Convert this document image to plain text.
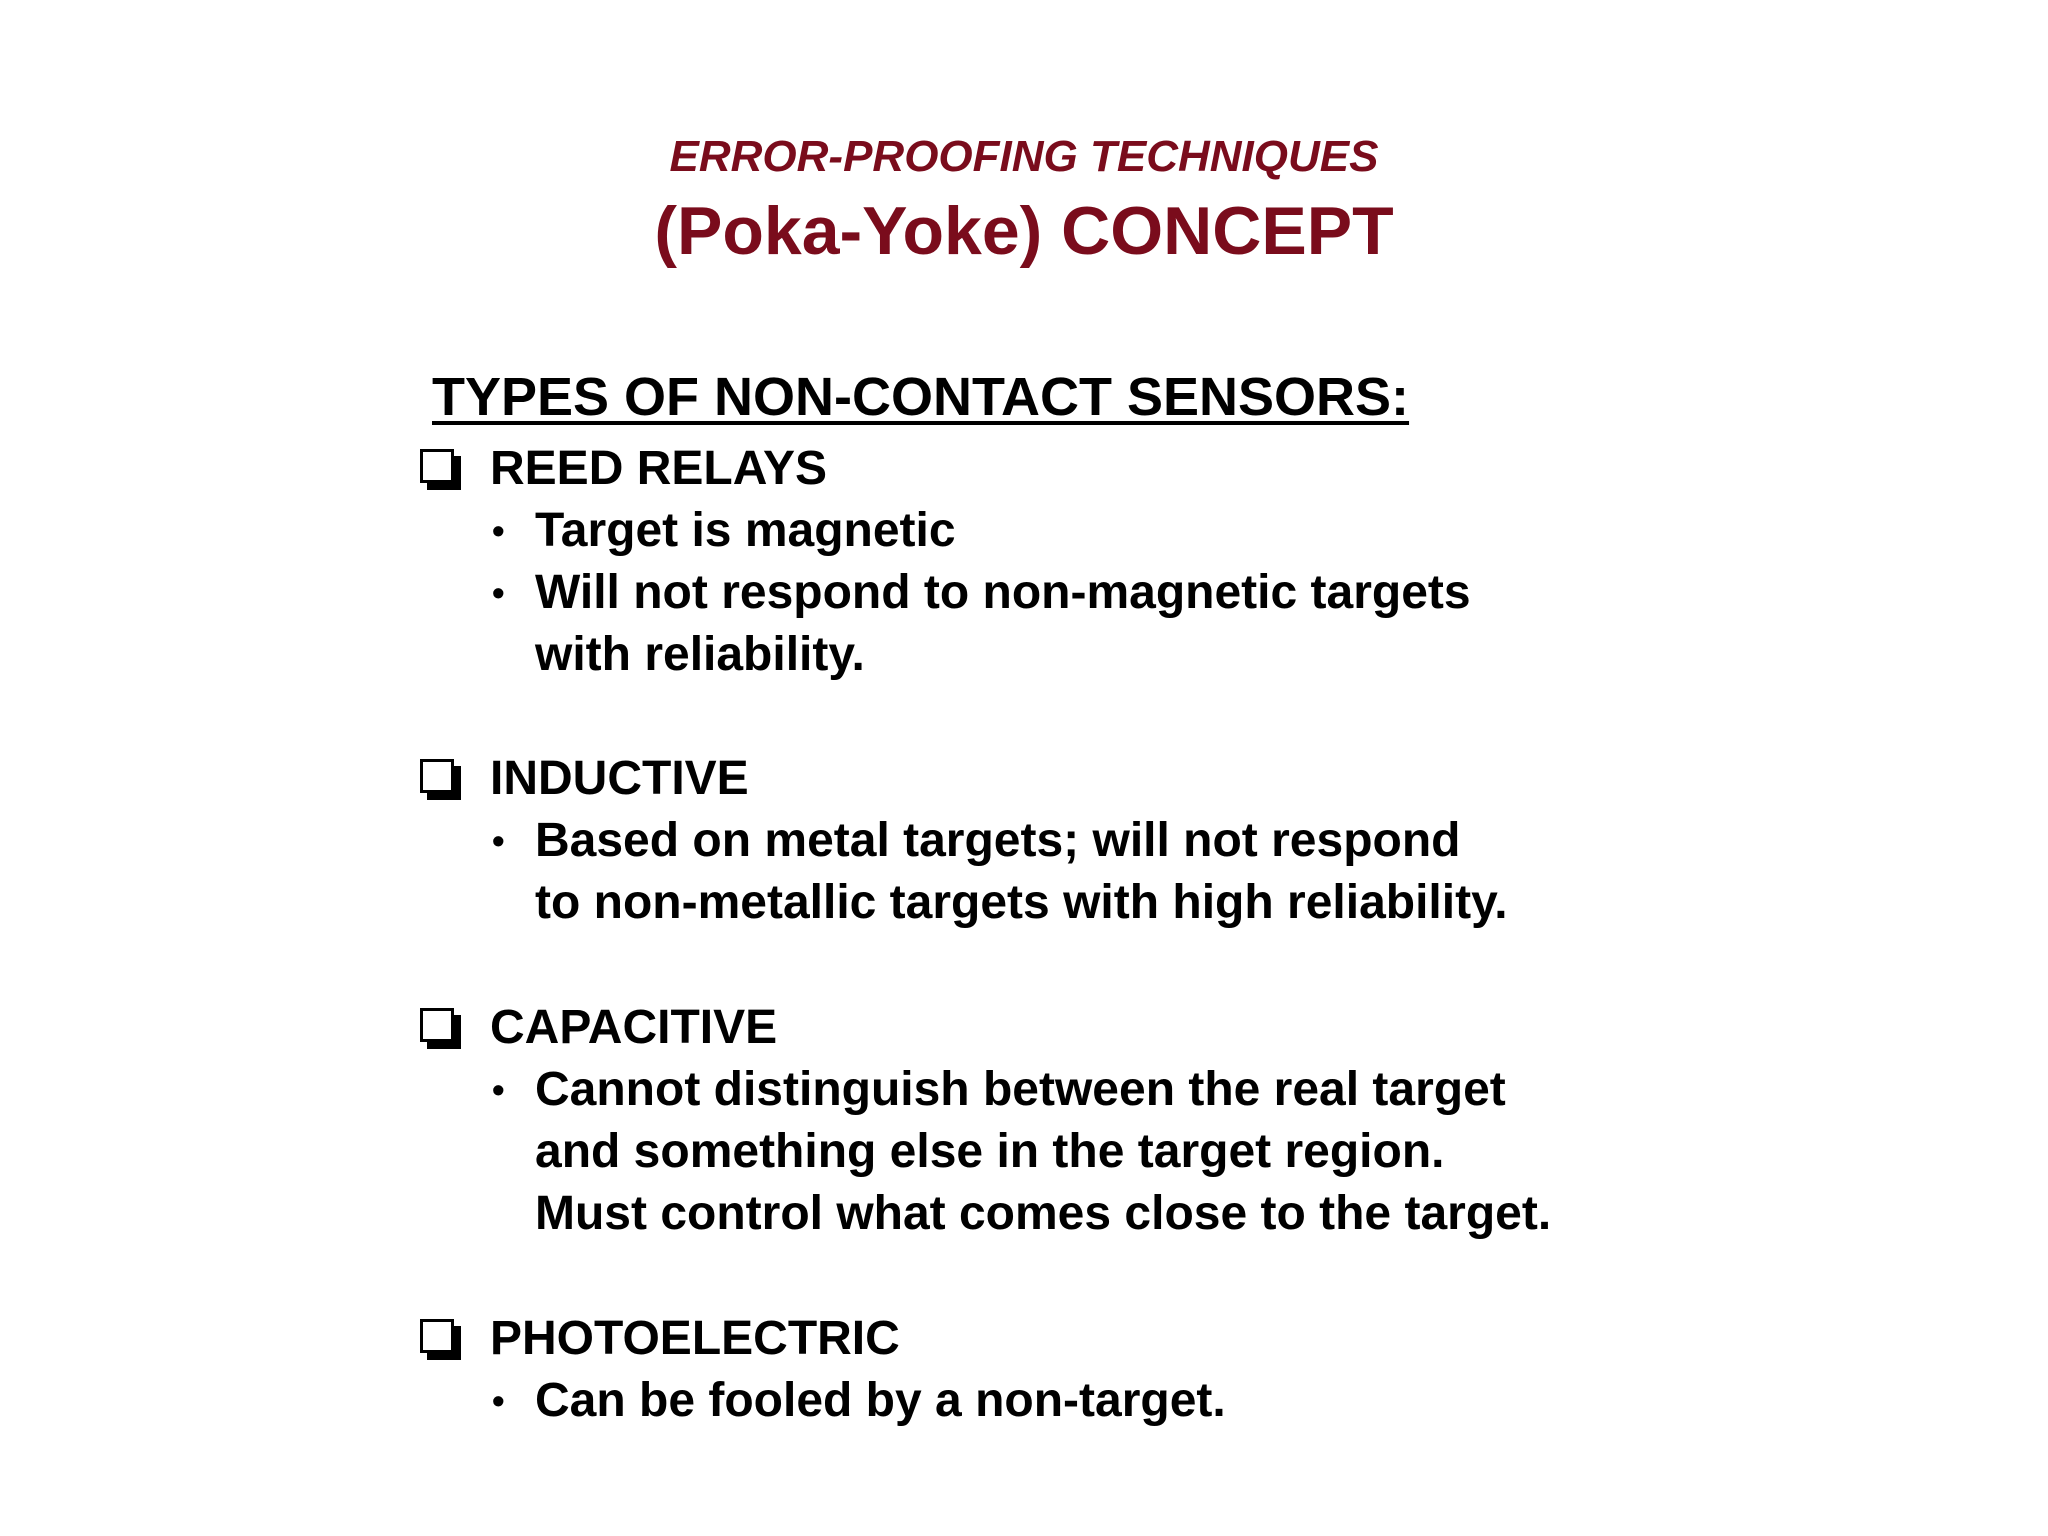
ERROR-PROOFING TECHNIQUES
(Poka-Yoke) CONCEPT
TYPES OF NON-CONTACT SENSORS:
REED RELAYS
• Target is magnetic
• Will not respond to non-magnetic targets
with reliability.
INDUCTIVE
• Based on metal targets; will not respond
to non-metallic targets with high reliability.
CAPACITIVE
• Cannot distinguish between the real target
and something else in the target region.
Must control what comes close to the target.
PHOTOELECTRIC
• Can be fooled by a non-target.
